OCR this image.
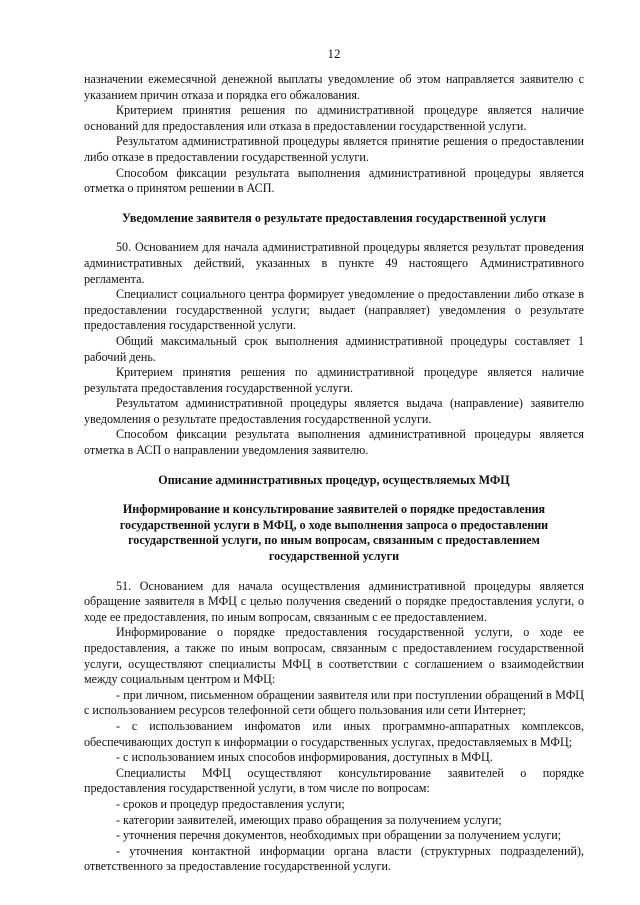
12

назначении ежемесячной денежной выплаты уведомление об этом направляется заявителю с указанием причин отказа и порядка его обжалования.

Критерием принятия решения по административной процедуре является наличие оснований для предоставления или отказа в предоставлении государственной услуги.

Результатом административной процедуры является принятие решения о предоставлении либо отказе в предоставлении государственной услуги.

Способом фиксации результата выполнения административной процедуры является отметка о принятом решении в АСП.

Уведомление заявителя о результате предоставления государственной услуги

50. Основанием для начала административной процедуры является результат проведения административных действий, указанных в пункте 49 настоящего Административного регламента.

Специалист социального центра формирует уведомление о предоставлении либо отказе в предоставлении государственной услуги; выдает (направляет) уведомления о результате предоставления государственной услуги.

Общий максимальный срок выполнения административной процедуры составляет 1 рабочий день.

Критерием принятия решения по административной процедуре является наличие результата предоставления государственной услуги.

Результатом административной процедуры является выдача (направление) заявителю уведомления о результате предоставления государственной услуги.

Способом фиксации результата выполнения административной процедуры является отметка в АСП о направлении уведомления заявителю.

Описание административных процедур, осуществляемых МФЦ
Информирование и консультирование заявителей о порядке предоставления государственной услуги в МФЦ, о ходе выполнения запроса о предоставлении государственной услуги, по иным вопросам, связанным с предоставлением государственной услуги

51. Основанием для начала осуществления административной процедуры является обращение заявителя в МФЦ с целью получения сведений о порядке предоставления услуги, о ходе ее предоставления, по иным вопросам, связанным с ее предоставлением.

Информирование о порядке предоставления государственной услуги, о ходе ее предоставления, а также по иным вопросам, связанным с предоставлением государственной услуги, осуществляют специалисты МФЦ в соответствии с соглашением о взаимодействии между социальным центром и МФЦ:

- при личном, письменном обращении заявителя или при поступлении обращений в МФЦ с использованием ресурсов телефонной сети общего пользования или сети Интернет;

- с использованием инфоматов или иных программно-аппаратных комплексов, обеспечивающих доступ к информации о государственных услугах, предоставляемых в МФЦ;

- с использованием иных способов информирования, доступных в МФЦ.

Специалисты МФЦ осуществляют консультирование заявителей о порядке предоставления государственной услуги, в том числе по вопросам:

- сроков и процедур предоставления услуги;

- категории заявителей, имеющих право обращения за получением услуги;

- уточнения перечня документов, необходимых при обращении за получением услуги;

- уточнения контактной информации органа власти (структурных подразделений), ответственного за предоставление государственной услуги.
